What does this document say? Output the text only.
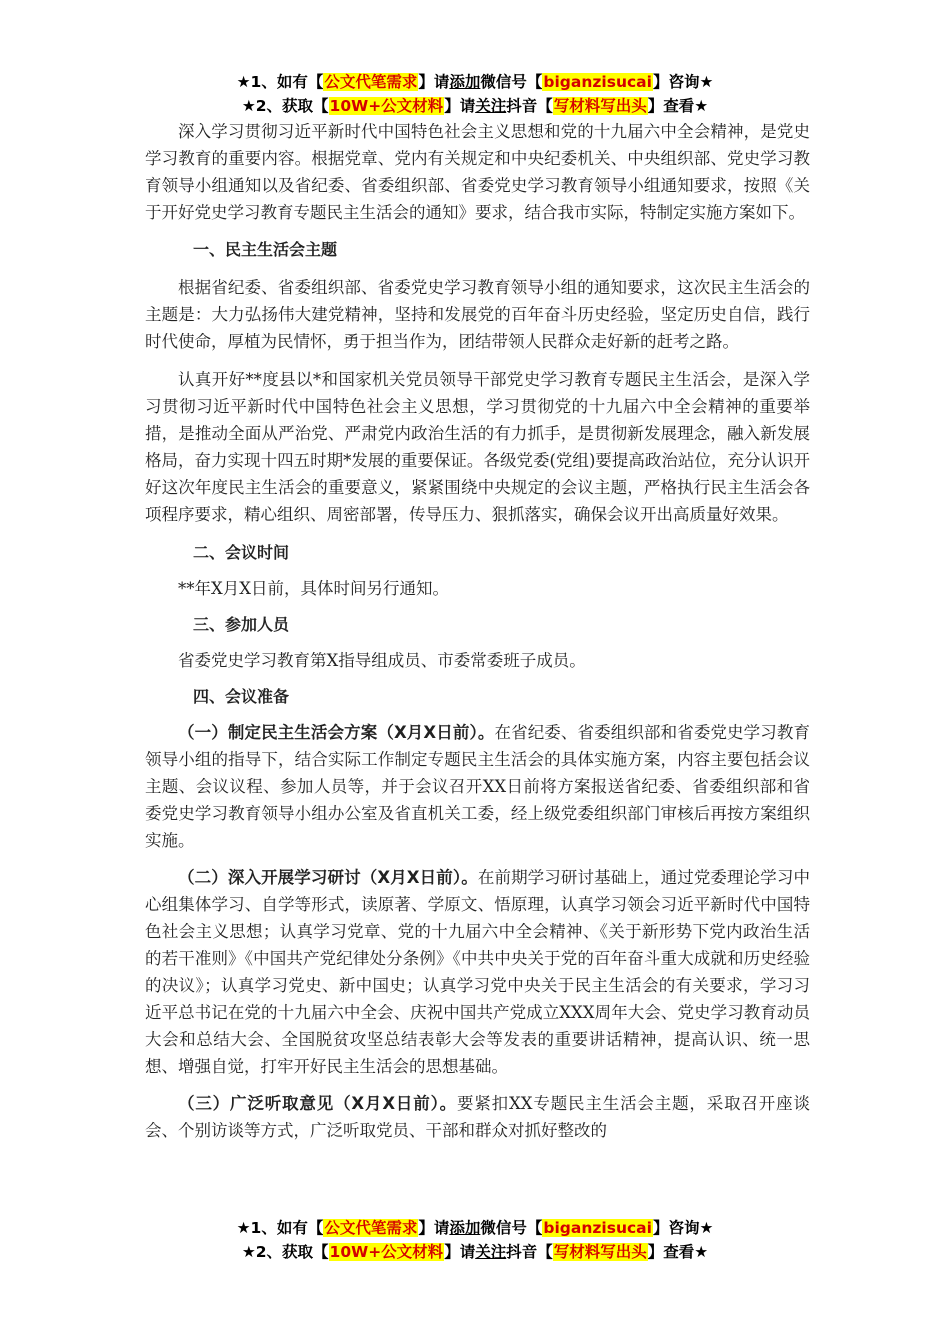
★1、如有【公文代笔需求】请添加微信号【biganzisucai】咨询★
★2、获取【10W+公文材料】请关注抖音【写材料写出头】查看★

深入学习贯彻习近平新时代中国特色社会主义思想和党的十九届六中全会精神，是党史学习教育的重要内容。根据党章、党内有关规定和中央纪委机关、中央组织部、党史学习教育领导小组通知以及省纪委、省委组织部、省委党史学习教育领导小组通知要求，按照《关于开好党史学习教育专题民主生活会的通知》要求，结合我市实际，特制定实施方案如下。

一、民主生活会主题

根据省纪委、省委组织部、省委党史学习教育领导小组的通知要求，这次民主生活会的主题是：大力弘扬伟大建党精神，坚持和发展党的百年奋斗历史经验，坚定历史自信，践行时代使命，厚植为民情怀，勇于担当作为，团结带领人民群众走好新的赶考之路。

认真开好**度县以*和国家机关党员领导干部党史学习教育专题民主生活会，是深入学习贯彻习近平新时代中国特色社会主义思想，学习贯彻党的十九届六中全会精神的重要举措，是推动全面从严治党、严肃党内政治生活的有力抓手，是贯彻新发展理念，融入新发展格局，奋力实现十四五时期*发展的重要保证。各级党委(党组)要提高政治站位，充分认识开好这次年度民主生活会的重要意义，紧紧围绕中央规定的会议主题，严格执行民主生活会各项程序要求，精心组织、周密部署，传导压力、狠抓落实，确保会议开出高质量好效果。

二、会议时间

**年X月X日前，具体时间另行通知。

三、参加人员

省委党史学习教育第X指导组成员、市委常委班子成员。

四、会议准备

（一）制定民主生活会方案（X月X日前）。在省纪委、省委组织部和省委党史学习教育领导小组的指导下，结合实际工作制定专题民主生活会的具体实施方案，内容主要包括会议主题、会议议程、参加人员等，并于会议召开XX日前将方案报送省纪委、省委组织部和省委党史学习教育领导小组办公室及省直机关工委，经上级党委组织部门审核后再按方案组织实施。

（二）深入开展学习研讨（X月X日前）。在前期学习研讨基础上，通过党委理论学习中心组集体学习、自学等形式，读原著、学原文、悟原理，认真学习领会习近平新时代中国特色社会主义思想；认真学习党章、党的十九届六中全会精神、《关于新形势下党内政治生活的若干准则》《中国共产党纪律处分条例》《中共中央关于党的百年奋斗重大成就和历史经验的决议》；认真学习党史、新中国史；认真学习党中央关于民主生活会的有关要求，学习习近平总书记在党的十九届六中全会、庆祝中国共产党成立XXX周年大会、党史学习教育动员大会和总结大会、全国脱贫攻坚总结表彰大会等发表的重要讲话精神，提高认识、统一思想、增强自觉，打牢开好民主生活会的思想基础。

（三）广泛听取意见（X月X日前）。要紧扣XX专题民主生活会主题，采取召开座谈会、个别访谈等方式，广泛听取党员、干部和群众对抓好整改的

★1、如有【公文代笔需求】请添加微信号【biganzisucai】咨询★
★2、获取【10W+公文材料】请关注抖音【写材料写出头】查看★
